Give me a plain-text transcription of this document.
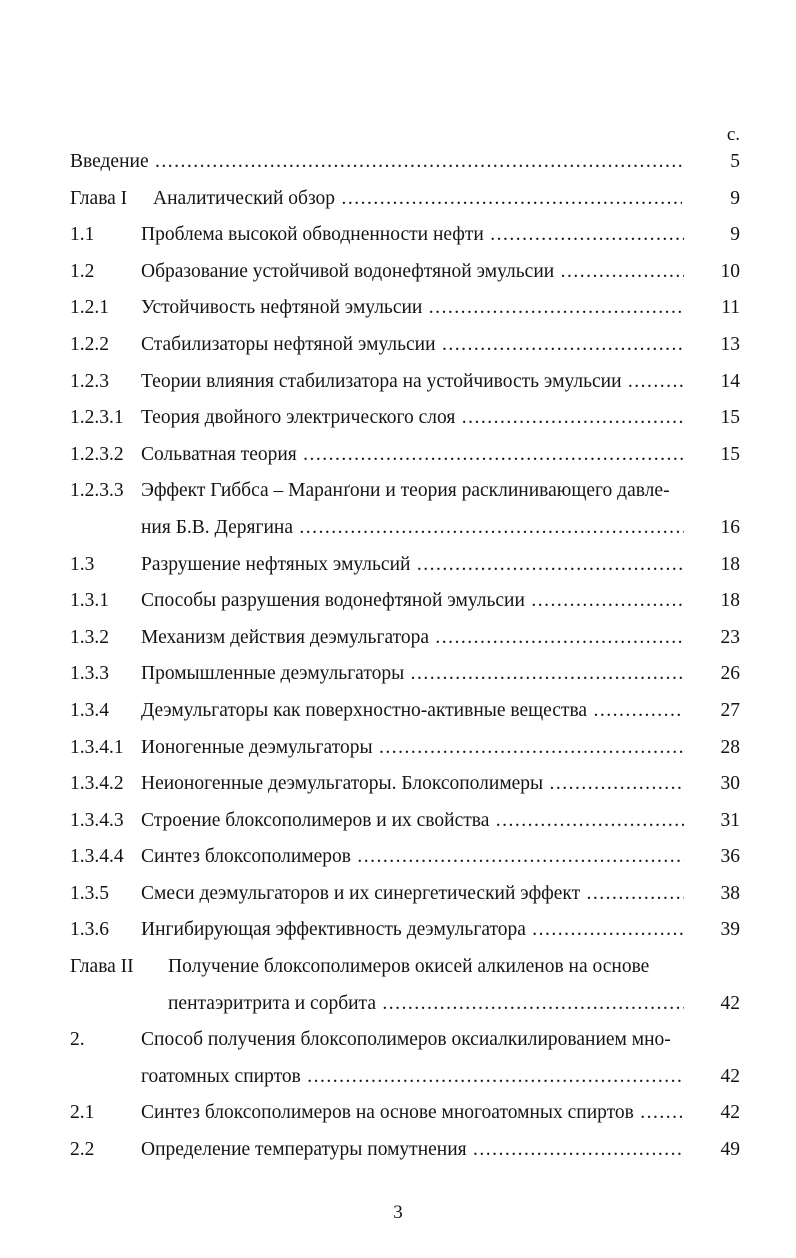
с.
Введение .....	5
Глава I Аналитический обзор .....	9
1.1 Проблема высокой обводненности нефти .....	9
1.2 Образование устойчивой водонефтяной эмульсии .....	10
1.2.1 Устойчивость нефтяной эмульсии .....	11
1.2.2 Стабилизаторы нефтяной эмульсии .....	13
1.2.3 Теории влияния стабилизатора на устойчивость эмульсии .....	14
1.2.3.1 Теория двойного электрического слоя .....	15
1.2.3.2 Сольватная теория .....	15
1.2.3.3 Эффект Гиббса – Маранґони и теория расклинивающего давле-
ния Б.В. Дерягина .....	16
1.3 Разрушение нефтяных эмульсий .....	18
1.3.1 Способы разрушения водонефтяной эмульсии .....	18
1.3.2 Механизм действия деэмульгатора .....	23
1.3.3 Промышленные деэмульгаторы .....	26
1.3.4 Деэмульгаторы как поверхностно-активные вещества .....	27
1.3.4.1 Ионогенные деэмульгаторы .....	28
1.3.4.2 Неионогенные деэмульгаторы. Блоксополимеры .....	30
1.3.4.3 Строение блоксополимеров и их свойства .....	31
1.3.4.4 Синтез блоксополимеров .....	36
1.3.5 Смеси деэмульгаторов и их синергетический эффект .....	38
1.3.6 Ингибирующая эффективность деэмульгатора .....	39
Глава II Получение блоксополимеров окисей алкиленов на основе
пентаэритрита и сорбита .....	42
2.	Способ получения блоксополимеров оксиалкилированием мно-
гоатомных спиртов .....	42
2.1 Синтез блоксополимеров на основе многоатомных спиртов .....	42
2.2 Определение температуры помутнения .....	49
3
